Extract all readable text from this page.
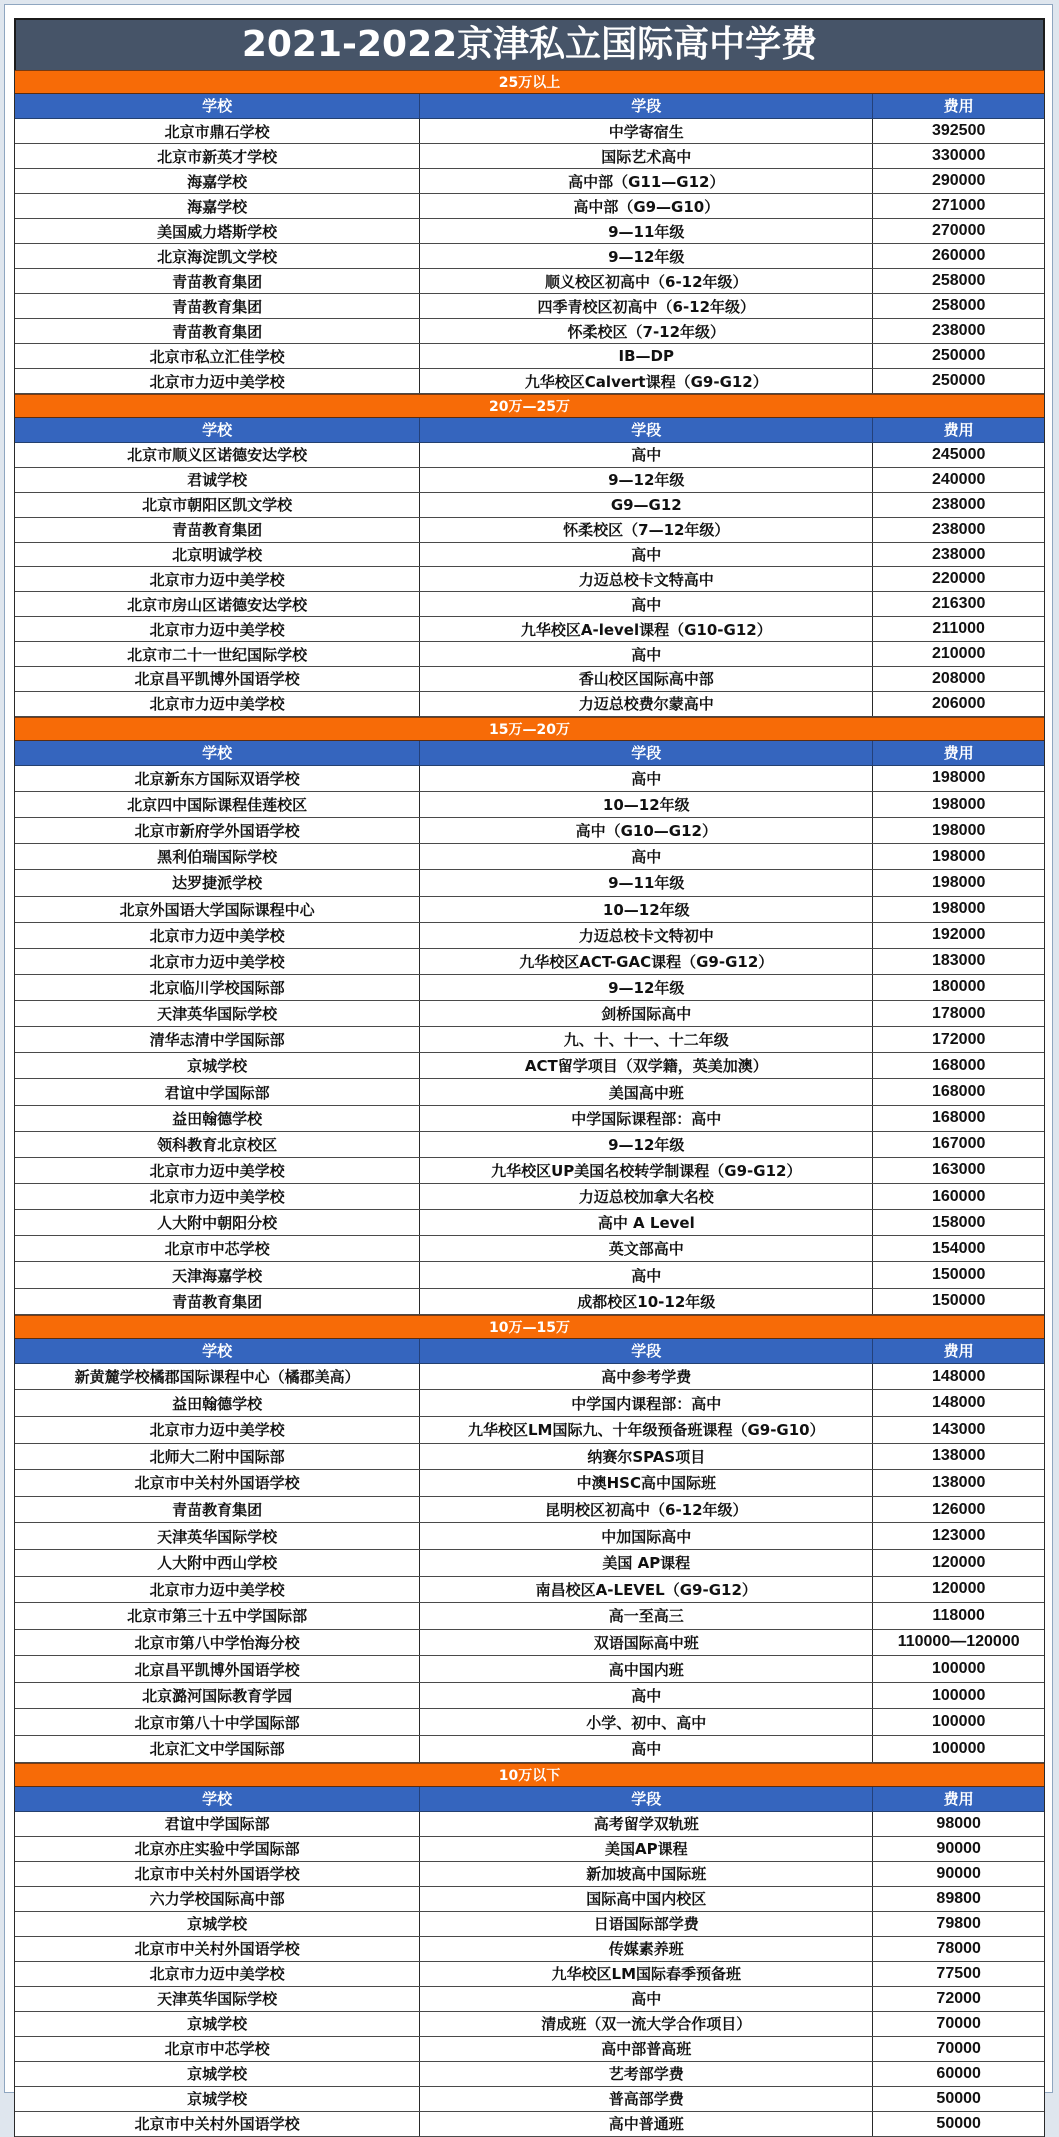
2021-2022京津私立国际高中学费
25万以上
学校	学段	费用
北京市鼎石学校	中学寄宿生	392500
北京市新英才学校	国际艺术高中	330000
海嘉学校	高中部（G11—G12）	290000
海嘉学校	高中部（G9—G10）	271000
美国威力塔斯学校	9—11年级	270000
北京海淀凯文学校	9—12年级	260000
青苗教育集团	顺义校区初高中（6-12年级）	258000
青苗教育集团	四季青校区初高中（6-12年级）	258000
青苗教育集团	怀柔校区（7-12年级）	238000
北京市私立汇佳学校	IB—DP	250000
北京市力迈中美学校	九华校区Calvert课程（G9-G12）	250000
20万—25万
学校	学段	费用
北京市顺义区诺德安达学校	高中	245000
君诚学校	9—12年级	240000
北京市朝阳区凯文学校	G9—G12	238000
青苗教育集团	怀柔校区（7—12年级）	238000
北京明诚学校	高中	238000
北京市力迈中美学校	力迈总校卡文特高中	220000
北京市房山区诺德安达学校	高中	216300
北京市力迈中美学校	九华校区A-level课程（G10-G12）	211000
北京市二十一世纪国际学校	高中	210000
北京昌平凯博外国语学校	香山校区国际高中部	208000
北京市力迈中美学校	力迈总校费尔蒙高中	206000
15万—20万
学校	学段	费用
北京新东方国际双语学校	高中	198000
北京四中国际课程佳莲校区	10—12年级	198000
北京市新府学外国语学校	高中（G10—G12）	198000
黑利伯瑞国际学校	高中	198000
达罗捷派学校	9—11年级	198000
北京外国语大学国际课程中心	10—12年级	198000
北京市力迈中美学校	力迈总校卡文特初中	192000
北京市力迈中美学校	九华校区ACT-GAC课程（G9-G12）	183000
北京临川学校国际部	9—12年级	180000
天津英华国际学校	剑桥国际高中	178000
清华志清中学国际部	九、十、十一、十二年级	172000
京城学校	ACT留学项目（双学籍，英美加澳）	168000
君谊中学国际部	美国高中班	168000
益田翰德学校	中学国际课程部：高中	168000
领科教育北京校区	9—12年级	167000
北京市力迈中美学校	九华校区UP美国名校转学制课程（G9-G12）	163000
北京市力迈中美学校	力迈总校加拿大名校	160000
人大附中朝阳分校	高中 A Level	158000
北京市中芯学校	英文部高中	154000
天津海嘉学校	高中	150000
青苗教育集团	成都校区10-12年级	150000
10万—15万
学校	学段	费用
新黄麓学校橘郡国际课程中心（橘郡美高）	高中参考学费	148000
益田翰德学校	中学国内课程部：高中	148000
北京市力迈中美学校	九华校区LM国际九、十年级预备班课程（G9-G10）	143000
北师大二附中国际部	纳赛尔SPAS项目	138000
北京市中关村外国语学校	中澳HSC高中国际班	138000
青苗教育集团	昆明校区初高中（6-12年级）	126000
天津英华国际学校	中加国际高中	123000
人大附中西山学校	美国 AP课程	120000
北京市力迈中美学校	南昌校区A-LEVEL（G9-G12）	120000
北京市第三十五中学国际部	高一至高三	118000
北京市第八中学怡海分校	双语国际高中班	110000—120000
北京昌平凯博外国语学校	高中国内班	100000
北京潞河国际教育学园	高中	100000
北京市第八十中学国际部	小学、初中、高中	100000
北京汇文中学国际部	高中	100000
10万以下
学校	学段	费用
君谊中学国际部	高考留学双轨班	98000
北京亦庄实验中学国际部	美国AP课程	90000
北京市中关村外国语学校	新加坡高中国际班	90000
六力学校国际高中部	国际高中国内校区	89800
京城学校	日语国际部学费	79800
北京市中关村外国语学校	传媒素养班	78000
北京市力迈中美学校	九华校区LM国际春季预备班	77500
天津英华国际学校	高中	72000
京城学校	清成班（双一流大学合作项目）	70000
北京市中芯学校	高中部普高班	70000
京城学校	艺考部学费	60000
京城学校	普高部学费	50000
北京市中关村外国语学校	高中普通班	50000
